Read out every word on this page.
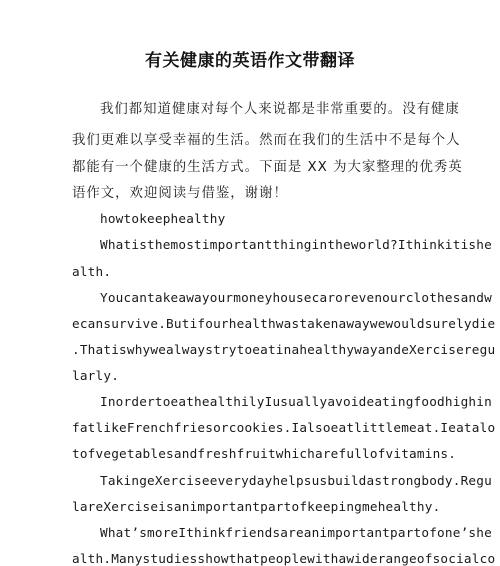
有关健康的英语作文带翻译
我们都知道健康对每个人来说都是非常重要的。没有健康
我们更难以享受幸福的生活。然而在我们的生活中不是每个人
都能有一个健康的生活方式。下面是 XX 为大家整理的优秀英
语作文，欢迎阅读与借鉴，谢谢！
howtokeephealthy
Whatisthemostimportantthingintheworld?Ithinkitishe
alth.
Youcantakeawayourmoneyhousecarorevenourclothesandw
ecansurvive.Butifourhealthwastakenawaywewouldsurelydie
.ThatiswhywealwaystrytoeatinahealthywayandeXerciseregu
larly.
InordertoeathealthilyIusuallyavoideatingfoodhighin
fatlikeFrenchfriesorcookies.Ialsoeatlittlemeat.Ieatalo
tofvegetablesandfreshfruitwhicharefullofvitamins.
TakingeXerciseeverydayhelpsusbuildastrongbody.Regu
lareXerciseisanimportantpartofkeepingmehealthy.
What’smoreIthinkfriendsareanimportantpartofone’she
alth.Manystudiesshowthatpeoplewithawiderangeofsocialco
